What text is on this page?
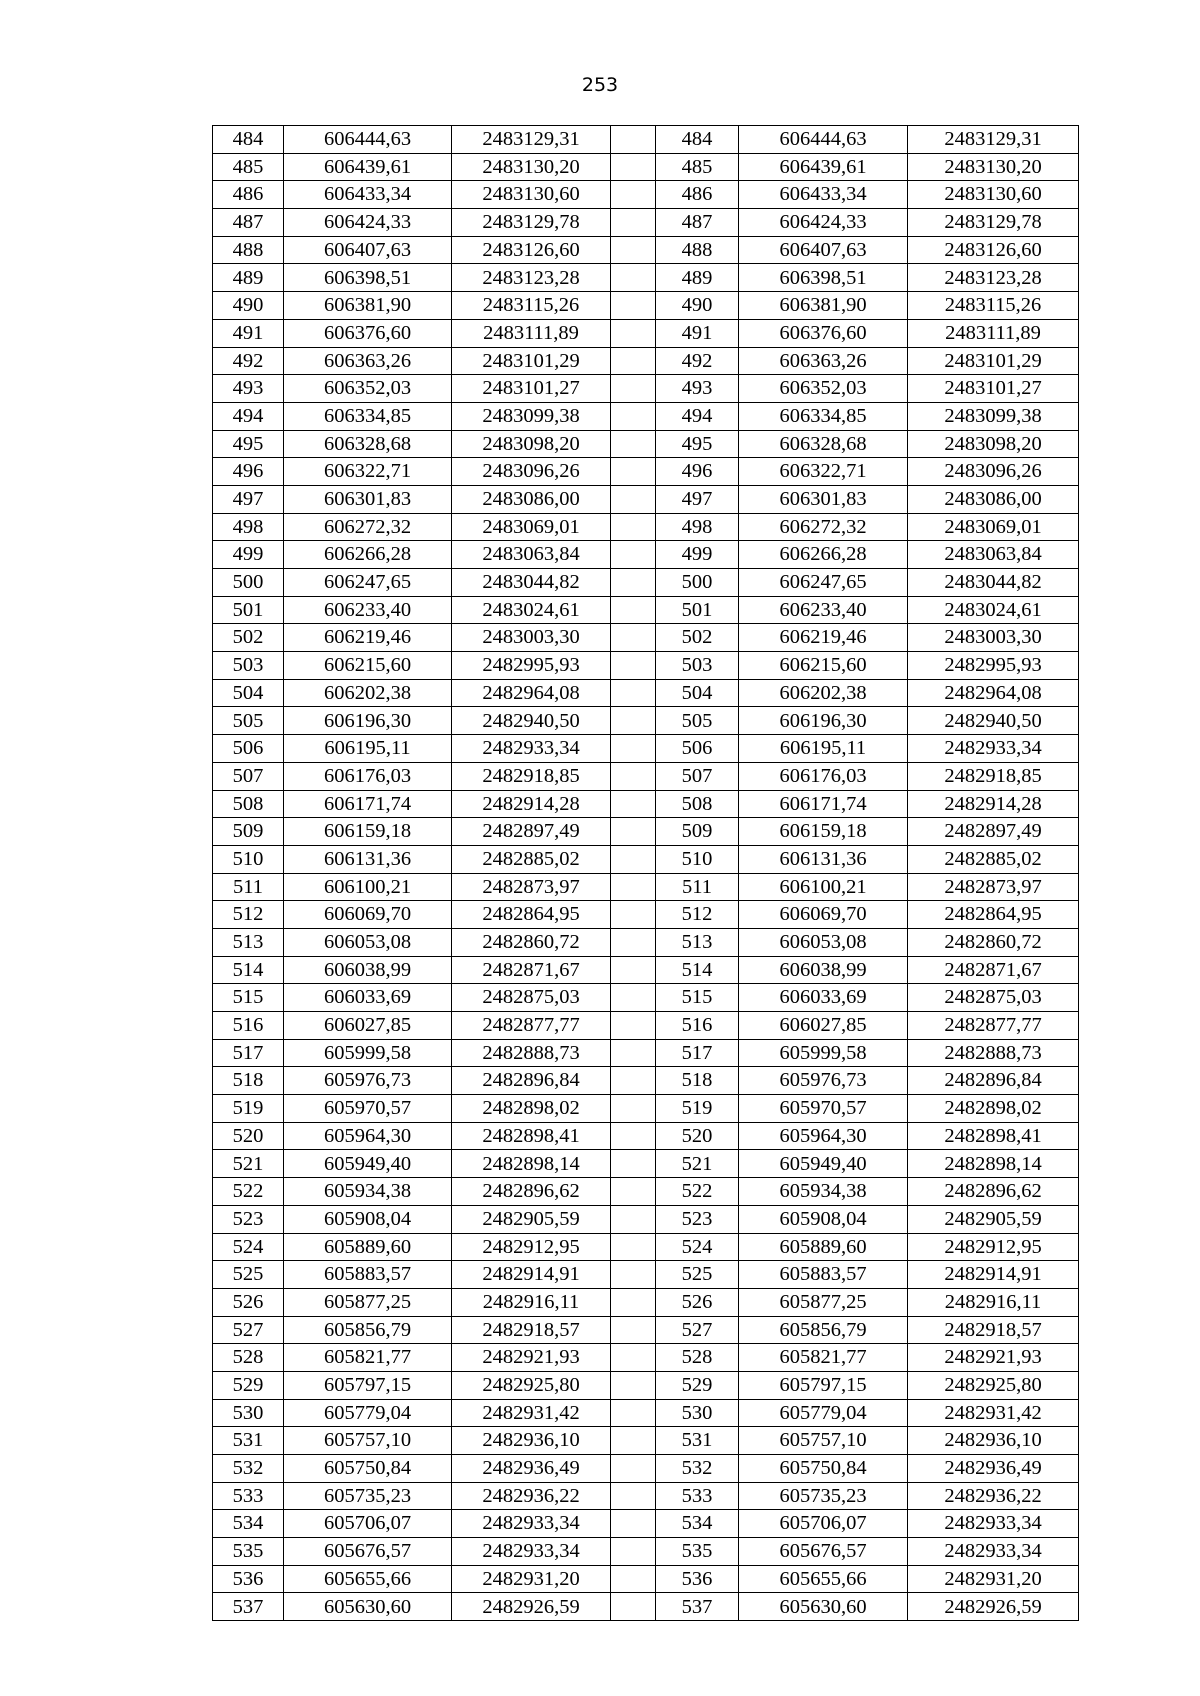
253
484	606444,63	2483129,31		484	606444,63	2483129,31
485	606439,61	2483130,20		485	606439,61	2483130,20
486	606433,34	2483130,60		486	606433,34	2483130,60
487	606424,33	2483129,78		487	606424,33	2483129,78
488	606407,63	2483126,60		488	606407,63	2483126,60
489	606398,51	2483123,28		489	606398,51	2483123,28
490	606381,90	2483115,26		490	606381,90	2483115,26
491	606376,60	2483111,89		491	606376,60	2483111,89
492	606363,26	2483101,29		492	606363,26	2483101,29
493	606352,03	2483101,27		493	606352,03	2483101,27
494	606334,85	2483099,38		494	606334,85	2483099,38
495	606328,68	2483098,20		495	606328,68	2483098,20
496	606322,71	2483096,26		496	606322,71	2483096,26
497	606301,83	2483086,00		497	606301,83	2483086,00
498	606272,32	2483069,01		498	606272,32	2483069,01
499	606266,28	2483063,84		499	606266,28	2483063,84
500	606247,65	2483044,82		500	606247,65	2483044,82
501	606233,40	2483024,61		501	606233,40	2483024,61
502	606219,46	2483003,30		502	606219,46	2483003,30
503	606215,60	2482995,93		503	606215,60	2482995,93
504	606202,38	2482964,08		504	606202,38	2482964,08
505	606196,30	2482940,50		505	606196,30	2482940,50
506	606195,11	2482933,34		506	606195,11	2482933,34
507	606176,03	2482918,85		507	606176,03	2482918,85
508	606171,74	2482914,28		508	606171,74	2482914,28
509	606159,18	2482897,49		509	606159,18	2482897,49
510	606131,36	2482885,02		510	606131,36	2482885,02
511	606100,21	2482873,97		511	606100,21	2482873,97
512	606069,70	2482864,95		512	606069,70	2482864,95
513	606053,08	2482860,72		513	606053,08	2482860,72
514	606038,99	2482871,67		514	606038,99	2482871,67
515	606033,69	2482875,03		515	606033,69	2482875,03
516	606027,85	2482877,77		516	606027,85	2482877,77
517	605999,58	2482888,73		517	605999,58	2482888,73
518	605976,73	2482896,84		518	605976,73	2482896,84
519	605970,57	2482898,02		519	605970,57	2482898,02
520	605964,30	2482898,41		520	605964,30	2482898,41
521	605949,40	2482898,14		521	605949,40	2482898,14
522	605934,38	2482896,62		522	605934,38	2482896,62
523	605908,04	2482905,59		523	605908,04	2482905,59
524	605889,60	2482912,95		524	605889,60	2482912,95
525	605883,57	2482914,91		525	605883,57	2482914,91
526	605877,25	2482916,11		526	605877,25	2482916,11
527	605856,79	2482918,57		527	605856,79	2482918,57
528	605821,77	2482921,93		528	605821,77	2482921,93
529	605797,15	2482925,80		529	605797,15	2482925,80
530	605779,04	2482931,42		530	605779,04	2482931,42
531	605757,10	2482936,10		531	605757,10	2482936,10
532	605750,84	2482936,49		532	605750,84	2482936,49
533	605735,23	2482936,22		533	605735,23	2482936,22
534	605706,07	2482933,34		534	605706,07	2482933,34
535	605676,57	2482933,34		535	605676,57	2482933,34
536	605655,66	2482931,20		536	605655,66	2482931,20
537	605630,60	2482926,59		537	605630,60	2482926,59
